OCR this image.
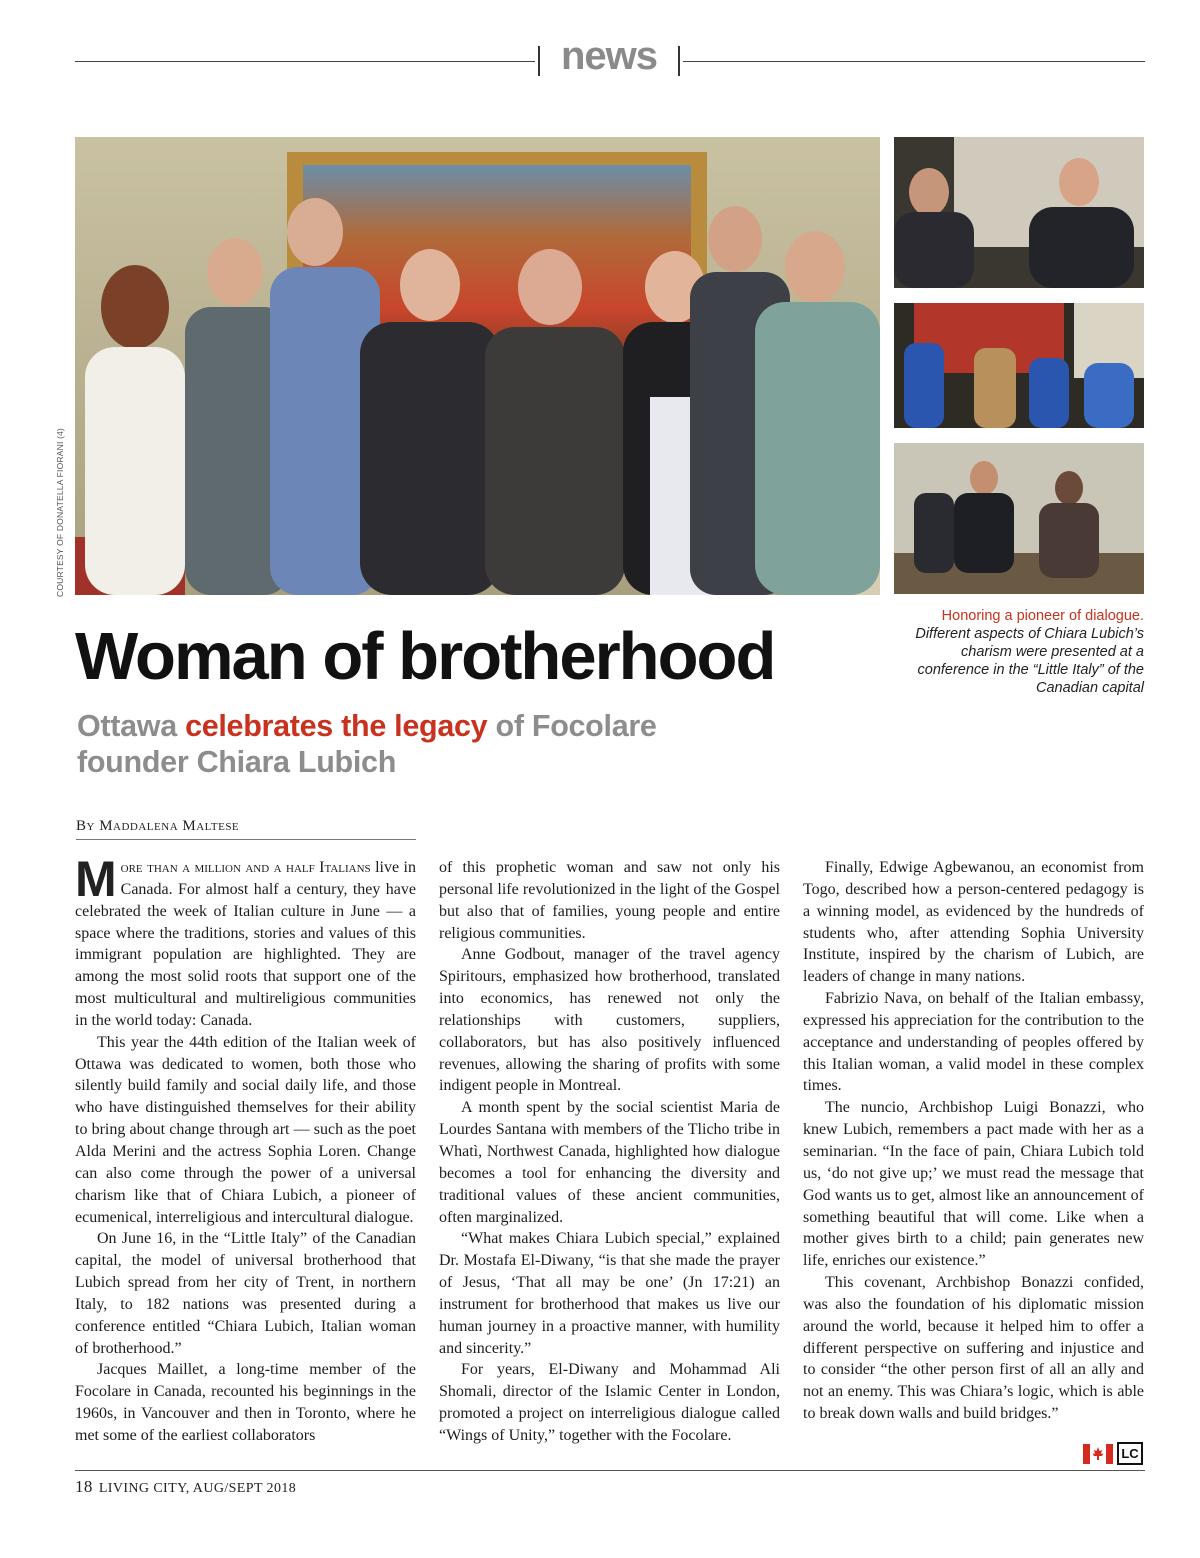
news
COURTESY OF DONATELLA FIORANI (4)
Honoring a pioneer of dialogue. Different aspects of Chiara Lubich’s charism were presented at a conference in the “Little Italy” of the Canadian capital
Woman of brotherhood
Ottawa celebrates the legacy of Focolare founder Chiara Lubich
By Maddalena Maltese

More than a million and a half Italians live in Canada. For almost half a century, they have celebrated the week of Italian culture in June — a space where the traditions, stories and values of this immigrant population are highlighted. They are among the most solid roots that support one of the most multicultural and multireligious communities in the world today: Canada.

This year the 44th edition of the Italian week of Ottawa was dedicated to women, both those who silently build family and social daily life, and those who have distinguished themselves for their ability to bring about change through art — such as the poet Alda Merini and the actress Sophia Loren. Change can also come through the power of a universal charism like that of Chiara Lubich, a pioneer of ecumenical, interreligious and intercultural dialogue.

On June 16, in the “Little Italy” of the Canadian capital, the model of universal brotherhood that Lubich spread from her city of Trent, in northern Italy, to 182 nations was presented during a conference entitled “Chiara Lubich, Italian woman of brotherhood.”

Jacques Maillet, a long-time member of the Focolare in Canada, recounted his beginnings in the 1960s, in Vancouver and then in Toronto, where he met some of the earliest collaborators

of this prophetic woman and saw not only his personal life revolutionized in the light of the Gospel but also that of families, young people and entire religious communities.

Anne Godbout, manager of the travel agency Spiritours, emphasized how brotherhood, translated into economics, has renewed not only the relationships with customers, suppliers, collaborators, but has also positively influenced revenues, allowing the sharing of profits with some indigent people in Montreal.

A month spent by the social scientist Maria de Lourdes Santana with members of the Tlicho tribe in Whatì, Northwest Canada, highlighted how dialogue becomes a tool for enhancing the diversity and traditional values of these ancient communities, often marginalized.

“What makes Chiara Lubich special,” explained Dr. Mostafa El-Diwany, “is that she made the prayer of Jesus, ‘That all may be one’ (Jn 17:21) an instrument for brotherhood that makes us live our human journey in a proactive manner, with humility and sincerity.”

For years, El-Diwany and Mohammad Ali Shomali, director of the Islamic Center in London, promoted a project on interreligious dialogue called “Wings of Unity,” together with the Focolare.

Finally, Edwige Agbewanou, an economist from Togo, described how a person-centered pedagogy is a winning model, as evidenced by the hundreds of students who, after attending Sophia University Institute, inspired by the charism of Lubich, are leaders of change in many nations.

Fabrizio Nava, on behalf of the Italian embassy, expressed his appreciation for the contribution to the acceptance and understanding of peoples offered by this Italian woman, a valid model in these complex times.

The nuncio, Archbishop Luigi Bonazzi, who knew Lubich, remembers a pact made with her as a seminarian. “In the face of pain, Chiara Lubich told us, ‘do not give up;’ we must read the message that God wants us to get, almost like an announcement of something beautiful that will come. Like when a mother gives birth to a child; pain generates new life, enriches our existence.”

This covenant, Archbishop Bonazzi confided, was also the foundation of his diplomatic mission around the world, because it helped him to offer a different perspective on suffering and injustice and to consider “the other person first of all an ally and not an enemy. This was Chiara’s logic, which is able to break down walls and build bridges.”

LC
18 LIVING CITY, AUG/SEPT 2018
